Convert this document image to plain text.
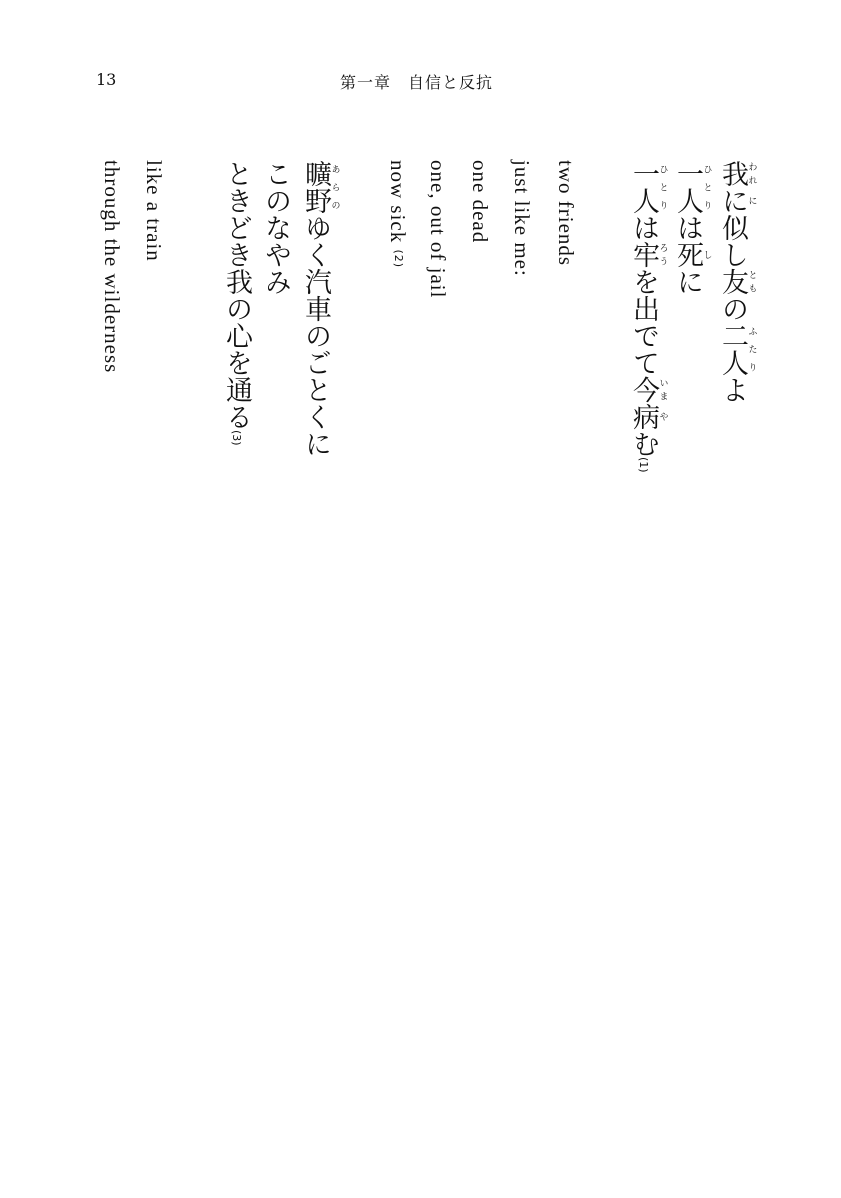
13	第一章　自信と反抗
我われにに似し友ともの二人ふたりよ
一人ひとりは死しに
一人ひとりは牢ろうを出でて今いま病やむ(1)
two friends
just like me:
one dead
one, out of jail
now sick (2)
曠野あらのゆく汽車のごとくに
このなやみ
ときどき我の心を通る(3)
like a train
through the wilderness
